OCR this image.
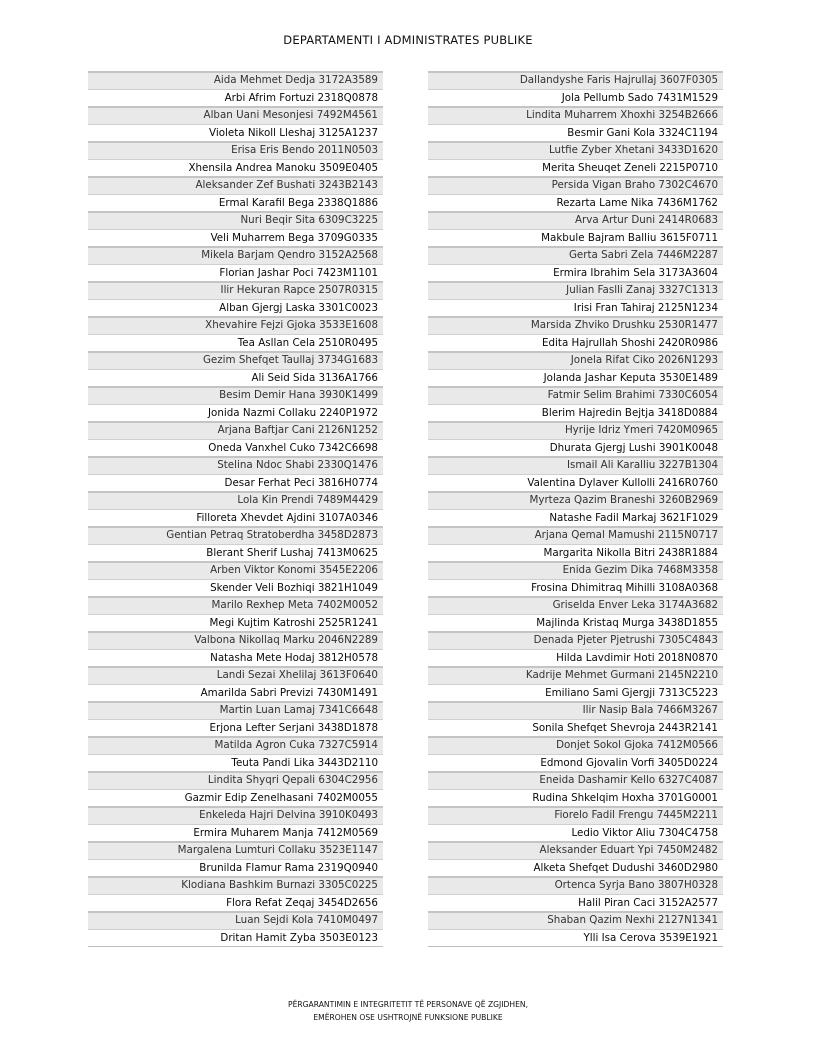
DEPARTAMENTI I ADMINISTRATES PUBLIKE
Aida Mehmet Dedja 3172A3589
Arbi Afrim Fortuzi 2318Q0878
Alban Uani Mesonjesi 7492M4561
Violeta Nikoll Lleshaj 3125A1237
Erisa Eris Bendo 2011N0503
Xhensila Andrea Manoku 3509E0405
Aleksander Zef Bushati 3243B2143
Ermal Karafil Bega 2338Q1886
Nuri Beqir Sita 6309C3225
Veli Muharrem Bega 3709G0335
Mikela Barjam Qendro 3152A2568
Florian Jashar Poci 7423M1101
Ilir Hekuran Rapce 2507R0315
Alban Gjergj Laska 3301C0023
Xhevahire Fejzi Gjoka 3533E1608
Tea Asllan Cela 2510R0495
Gezim Shefqet Taullaj 3734G1683
Ali Seid Sida 3136A1766
Besim Demir Hana 3930K1499
Jonida Nazmi Collaku 2240P1972
Arjana Baftjar Cani 2126N1252
Oneda Vanxhel Cuko 7342C6698
Stelina Ndoc Shabi 2330Q1476
Desar Ferhat Peci 3816H0774
Lola Kin Prendi 7489M4429
Filloreta Xhevdet Ajdini 3107A0346
Gentian Petraq Stratoberdha 3458D2873
Blerant Sherif Lushaj 7413M0625
Arben Viktor Konomi 3545E2206
Skender Veli Bozhiqi 3821H1049
Marilo Rexhep Meta 7402M0052
Megi Kujtim Katroshi 2525R1241
Valbona Nikollaq Marku 2046N2289
Natasha Mete Hodaj 3812H0578
Landi Sezai Xhelilaj 3613F0640
Amarilda Sabri Previzi 7430M1491
Martin Luan Lamaj 7341C6648
Erjona Lefter Serjani 3438D1878
Matilda Agron Cuka 7327C5914
Teuta Pandi Lika 3443D2110
Lindita Shyqri Qepali 6304C2956
Gazmir Edip Zenelhasani 7402M0055
Enkeleda Hajri Delvina 3910K0493
Ermira Muharem Manja 7412M0569
Margalena Lumturi Collaku 3523E1147
Brunilda Flamur Rama 2319Q0940
Klodiana Bashkim Burnazi 3305C0225
Flora Refat Zeqaj 3454D2656
Luan Sejdi Kola 7410M0497
Dritan Hamit Zyba 3503E0123
Dallandyshe Faris Hajrullaj 3607F0305
Jola Pellumb Sado 7431M1529
Lindita Muharrem Xhoxhi 3254B2666
Besmir Gani Kola 3324C1194
Lutfie Zyber Xhetani 3433D1620
Merita Sheuqet Zeneli 2215P0710
Persida Vigan Braho 7302C4670
Rezarta Lame Nika 7436M1762
Arva Artur Duni 2414R0683
Makbule Bajram Balliu 3615F0711
Gerta Sabri Zela 7446M2287
Ermira Ibrahim Sela 3173A3604
Julian Faslli Zanaj 3327C1313
Irisi Fran Tahiraj 2125N1234
Marsida Zhviko Drushku 2530R1477
Edita Hajrullah Shoshi 2420R0986
Jonela Rifat Ciko 2026N1293
Jolanda Jashar Keputa 3530E1489
Fatmir Selim Brahimi 7330C6054
Blerim Hajredin Bejtja 3418D0884
Hyrije Idriz Ymeri 7420M0965
Dhurata Gjergj Lushi 3901K0048
Ismail Ali Karalliu 3227B1304
Valentina Dylaver Kullolli 2416R0760
Myrteza Qazim Braneshi 3260B2969
Natashe Fadil Markaj 3621F1029
Arjana Qemal Mamushi 2115N0717
Margarita Nikolla Bitri 2438R1884
Enida Gezim Dika 7468M3358
Frosina Dhimitraq Mihilli 3108A0368
Griselda Enver Leka 3174A3682
Majlinda Kristaq Murga 3438D1855
Denada Pjeter Pjetrushi 7305C4843
Hilda Lavdimir Hoti 2018N0870
Kadrije Mehmet Gurmani 2145N2210
Emiliano Sami Gjergji 7313C5223
Ilir Nasip Bala 7466M3267
Sonila Shefqet Shevroja 2443R2141
Donjet Sokol Gjoka 7412M0566
Edmond Gjovalin Vorfi 3405D0224
Eneida Dashamir Kello 6327C4087
Rudina Shkelqim Hoxha 3701G0001
Fiorelo Fadil Frengu 7445M2211
Ledio Viktor Aliu 7304C4758
Aleksander Eduart Ypi 7450M2482
Alketa Shefqet Dudushi 3460D2980
Ortenca Syrja Bano 3807H0328
Halil Piran Caci 3152A2577
Shaban Qazim Nexhi 2127N1341
Ylli Isa Cerova 3539E1921
PËRGARANTIMIN E INTEGRITETIT TË PERSONAVE QË ZGJIDHEN,
EMËROHEN OSE USHTROJNË FUNKSIONE PUBLIKE
